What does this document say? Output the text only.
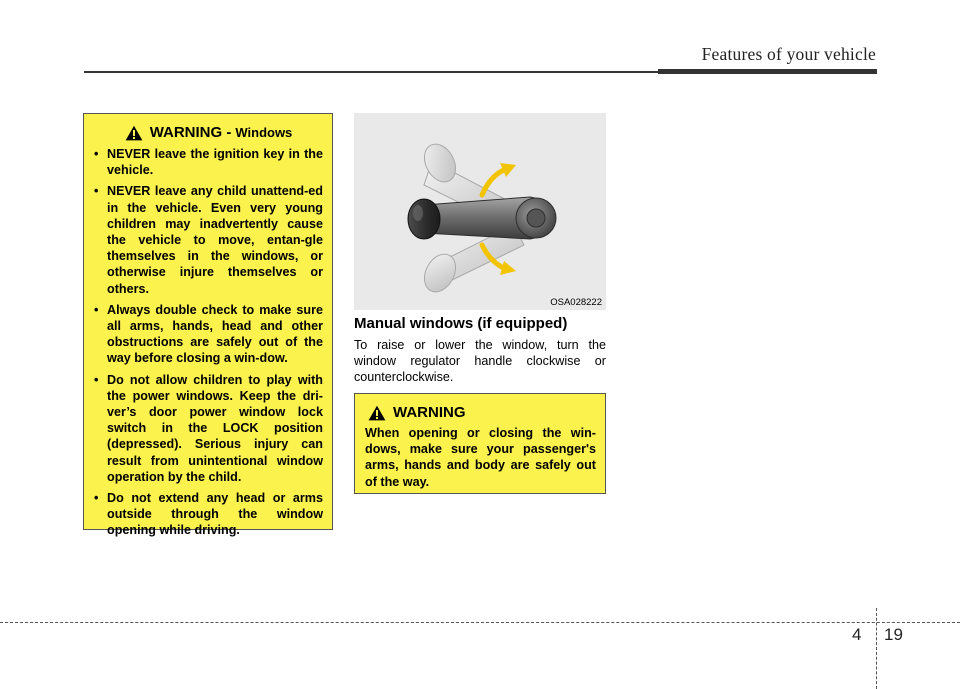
Features of your vehicle
WARNING - Windows
• NEVER leave the ignition key in the vehicle.
• NEVER leave any child unattend-ed in the vehicle. Even very young children may inadvertently cause the vehicle to move, entan-gle themselves in the windows, or otherwise injure themselves or others.
• Always double check to make sure all arms, hands, head and other obstructions are safely out of the way before closing a win-dow.
• Do not allow children to play with the power windows. Keep the dri-ver’s door power window lock switch in the LOCK position (depressed). Serious injury can result from unintentional window operation by the child.
• Do not extend any head or arms outside through the window opening while driving.
OSA028222
Manual windows (if equipped)

To raise or lower the window, turn the window regulator handle clockwise or counterclockwise.

WARNING

When opening or closing the win-dows, make sure your passenger's arms, hands and body are safely out of the way.

4 19
